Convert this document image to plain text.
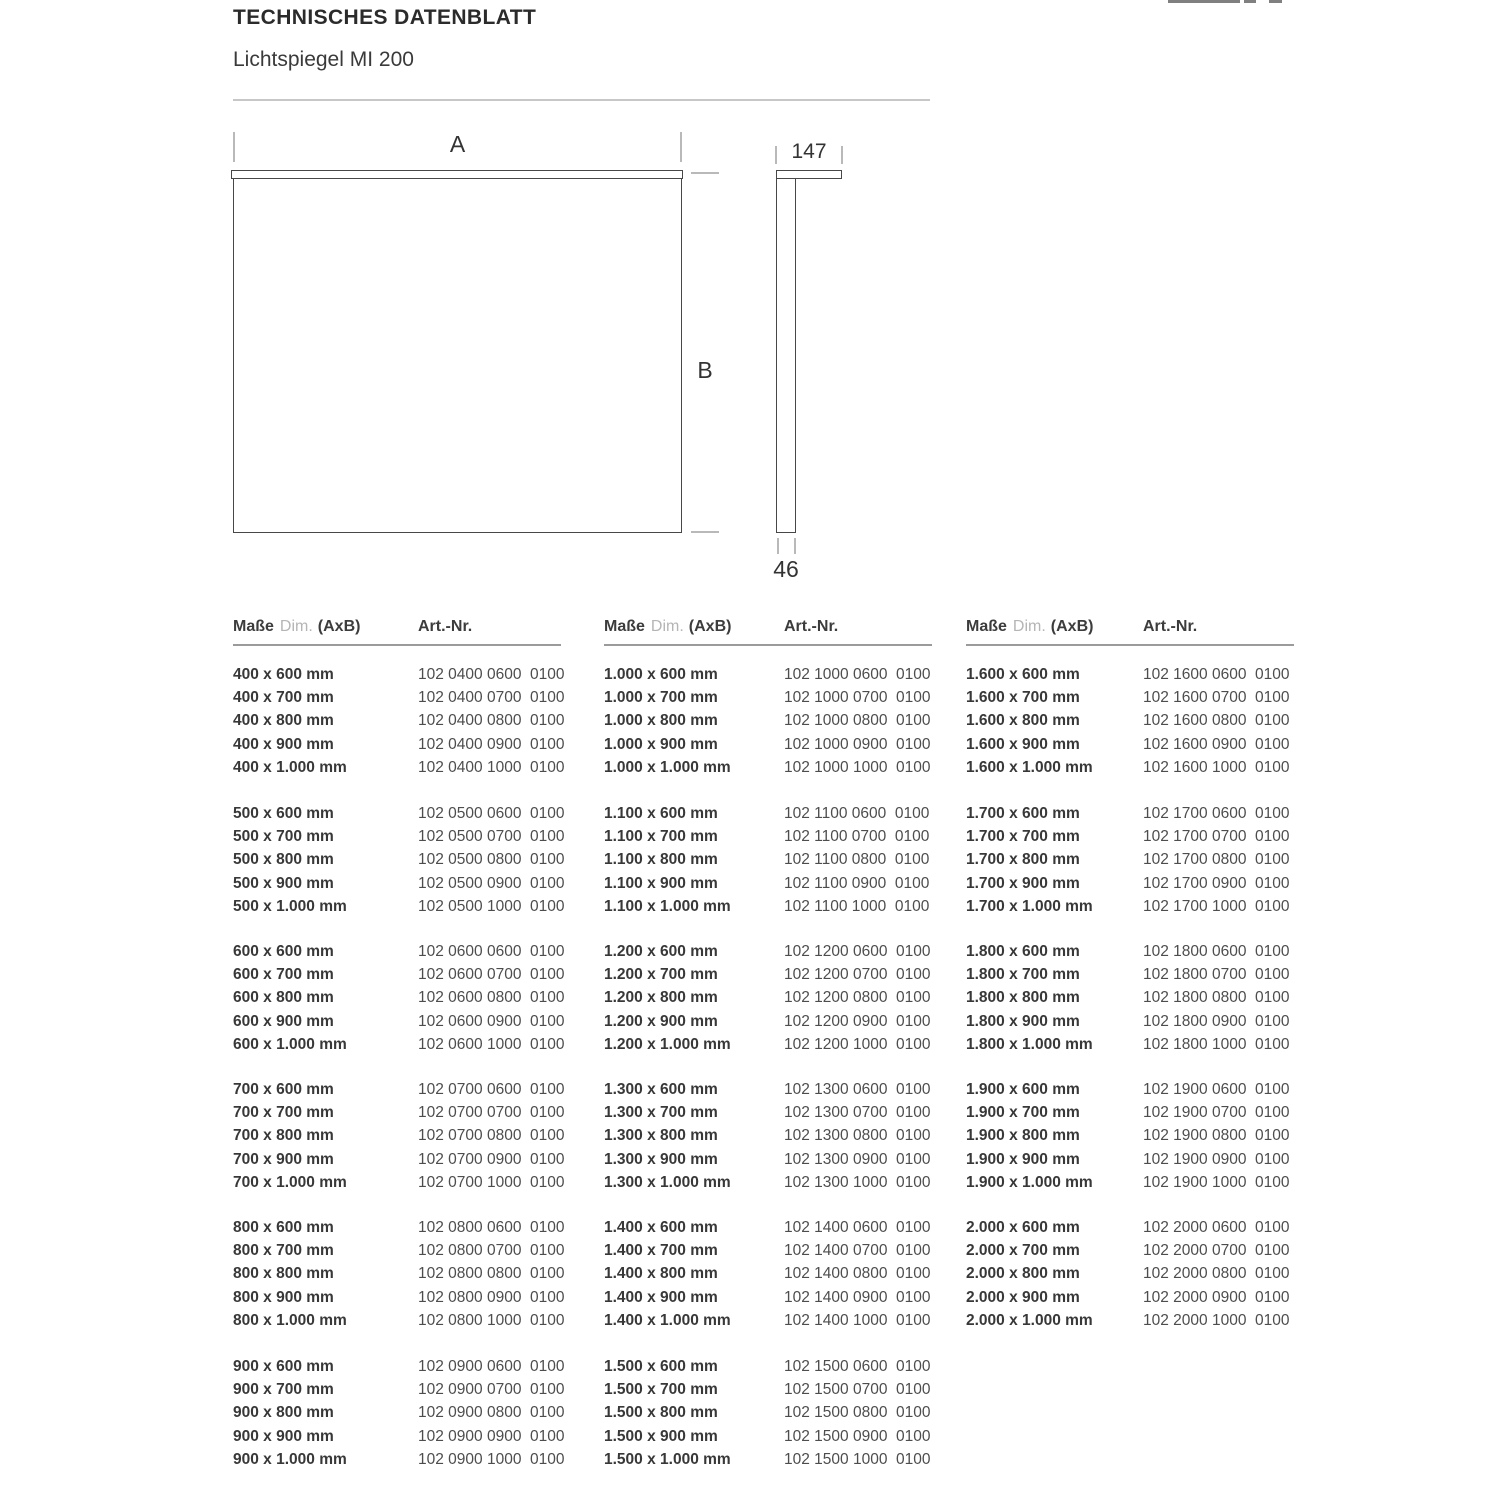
TECHNISCHES DATENBLATT
Lichtspiegel MI 200
A
B
147
46
Maße Dim. (AxB)	Art.-Nr.
400 x 600 mm	102 0400 0600  0100
400 x 700 mm	102 0400 0700  0100
400 x 800 mm	102 0400 0800  0100
400 x 900 mm	102 0400 0900  0100
400 x 1.000 mm	102 0400 1000  0100
500 x 600 mm	102 0500 0600  0100
500 x 700 mm	102 0500 0700  0100
500 x 800 mm	102 0500 0800  0100
500 x 900 mm	102 0500 0900  0100
500 x 1.000 mm	102 0500 1000  0100
600 x 600 mm	102 0600 0600  0100
600 x 700 mm	102 0600 0700  0100
600 x 800 mm	102 0600 0800  0100
600 x 900 mm	102 0600 0900  0100
600 x 1.000 mm	102 0600 1000  0100
700 x 600 mm	102 0700 0600  0100
700 x 700 mm	102 0700 0700  0100
700 x 800 mm	102 0700 0800  0100
700 x 900 mm	102 0700 0900  0100
700 x 1.000 mm	102 0700 1000  0100
800 x 600 mm	102 0800 0600  0100
800 x 700 mm	102 0800 0700  0100
800 x 800 mm	102 0800 0800  0100
800 x 900 mm	102 0800 0900  0100
800 x 1.000 mm	102 0800 1000  0100
900 x 600 mm	102 0900 0600  0100
900 x 700 mm	102 0900 0700  0100
900 x 800 mm	102 0900 0800  0100
900 x 900 mm	102 0900 0900  0100
900 x 1.000 mm	102 0900 1000  0100
Maße Dim. (AxB)	Art.-Nr.
1.000 x 600 mm	102 1000 0600  0100
1.000 x 700 mm	102 1000 0700  0100
1.000 x 800 mm	102 1000 0800  0100
1.000 x 900 mm	102 1000 0900  0100
1.000 x 1.000 mm	102 1000 1000  0100
1.100 x 600 mm	102 1100 0600  0100
1.100 x 700 mm	102 1100 0700  0100
1.100 x 800 mm	102 1100 0800  0100
1.100 x 900 mm	102 1100 0900  0100
1.100 x 1.000 mm	102 1100 1000  0100
1.200 x 600 mm	102 1200 0600  0100
1.200 x 700 mm	102 1200 0700  0100
1.200 x 800 mm	102 1200 0800  0100
1.200 x 900 mm	102 1200 0900  0100
1.200 x 1.000 mm	102 1200 1000  0100
1.300 x 600 mm	102 1300 0600  0100
1.300 x 700 mm	102 1300 0700  0100
1.300 x 800 mm	102 1300 0800  0100
1.300 x 900 mm	102 1300 0900  0100
1.300 x 1.000 mm	102 1300 1000  0100
1.400 x 600 mm	102 1400 0600  0100
1.400 x 700 mm	102 1400 0700  0100
1.400 x 800 mm	102 1400 0800  0100
1.400 x 900 mm	102 1400 0900  0100
1.400 x 1.000 mm	102 1400 1000  0100
1.500 x 600 mm	102 1500 0600  0100
1.500 x 700 mm	102 1500 0700  0100
1.500 x 800 mm	102 1500 0800  0100
1.500 x 900 mm	102 1500 0900  0100
1.500 x 1.000 mm	102 1500 1000  0100
Maße Dim. (AxB)	Art.-Nr.
1.600 x 600 mm	102 1600 0600  0100
1.600 x 700 mm	102 1600 0700  0100
1.600 x 800 mm	102 1600 0800  0100
1.600 x 900 mm	102 1600 0900  0100
1.600 x 1.000 mm	102 1600 1000  0100
1.700 x 600 mm	102 1700 0600  0100
1.700 x 700 mm	102 1700 0700  0100
1.700 x 800 mm	102 1700 0800  0100
1.700 x 900 mm	102 1700 0900  0100
1.700 x 1.000 mm	102 1700 1000  0100
1.800 x 600 mm	102 1800 0600  0100
1.800 x 700 mm	102 1800 0700  0100
1.800 x 800 mm	102 1800 0800  0100
1.800 x 900 mm	102 1800 0900  0100
1.800 x 1.000 mm	102 1800 1000  0100
1.900 x 600 mm	102 1900 0600  0100
1.900 x 700 mm	102 1900 0700  0100
1.900 x 800 mm	102 1900 0800  0100
1.900 x 900 mm	102 1900 0900  0100
1.900 x 1.000 mm	102 1900 1000  0100
2.000 x 600 mm	102 2000 0600  0100
2.000 x 700 mm	102 2000 0700  0100
2.000 x 800 mm	102 2000 0800  0100
2.000 x 900 mm	102 2000 0900  0100
2.000 x 1.000 mm	102 2000 1000  0100
